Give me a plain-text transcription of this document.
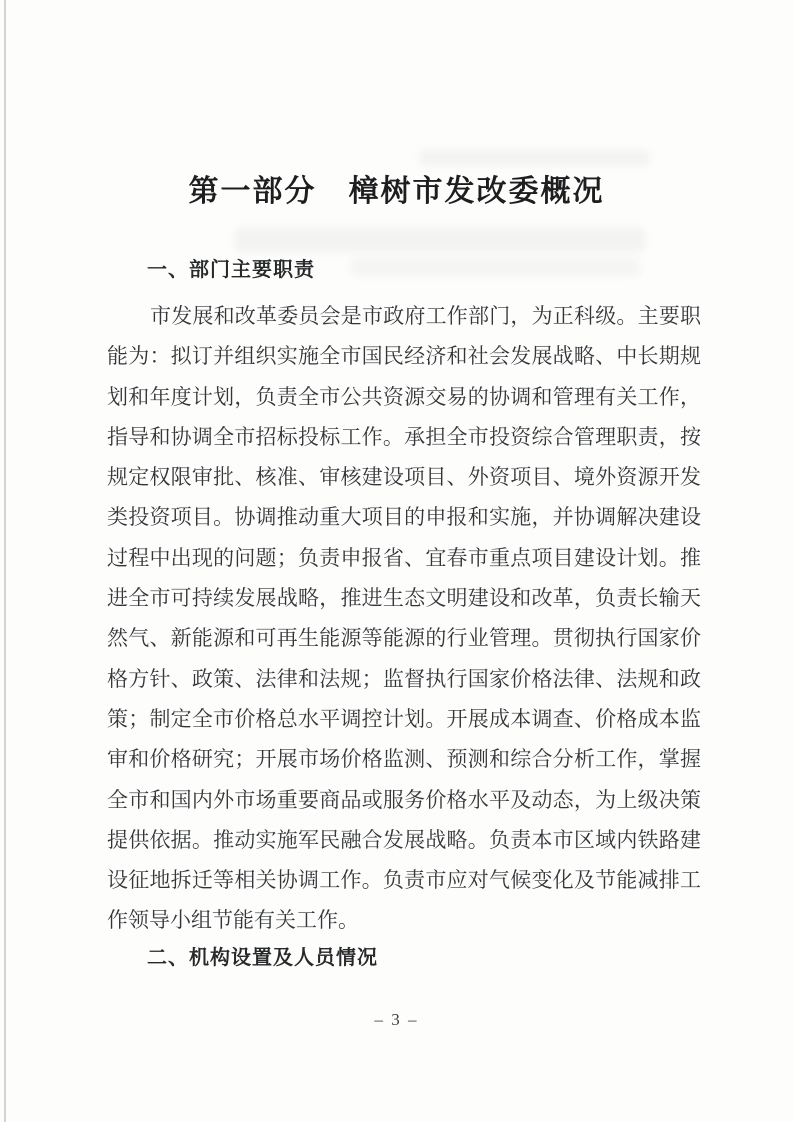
第一部分　樟树市发改委概况
一、部门主要职责
市发展和改革委员会是市政府工作部门，为正科级。主要职
能为：拟订并组织实施全市国民经济和社会发展战略、中长期规
划和年度计划，负责全市公共资源交易的协调和管理有关工作，
指导和协调全市招标投标工作。承担全市投资综合管理职责，按
规定权限审批、核准、审核建设项目、外资项目、境外资源开发
类投资项目。协调推动重大项目的申报和实施，并协调解决建设
过程中出现的问题；负责申报省、宜春市重点项目建设计划。推
进全市可持续发展战略，推进生态文明建设和改革，负责长输天
然气、新能源和可再生能源等能源的行业管理。贯彻执行国家价
格方针、政策、法律和法规；监督执行国家价格法律、法规和政
策；制定全市价格总水平调控计划。开展成本调查、价格成本监
审和价格研究；开展市场价格监测、预测和综合分析工作，掌握
全市和国内外市场重要商品或服务价格水平及动态，为上级决策
提供依据。推动实施军民融合发展战略。负责本市区域内铁路建
设征地拆迁等相关协调工作。负责市应对气候变化及节能减排工
作领导小组节能有关工作。
二、机构设置及人员情况
– 3 –
